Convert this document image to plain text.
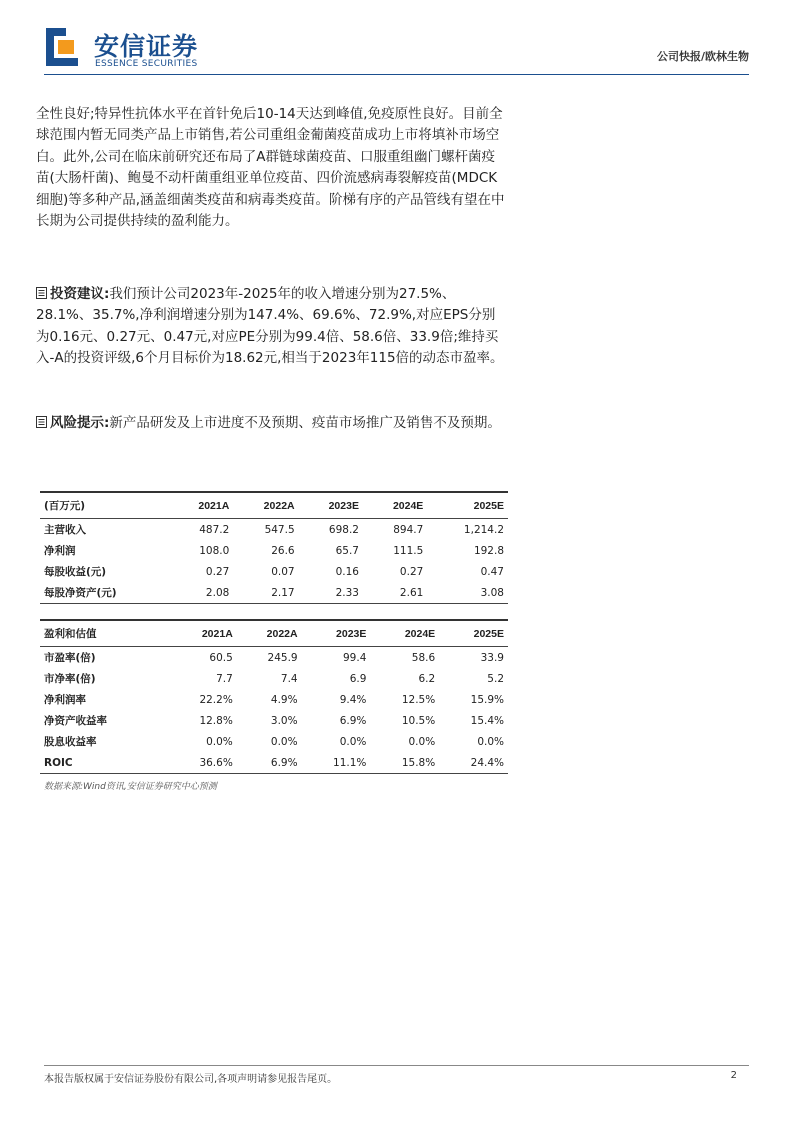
安信证券
ESSENCE SECURITIES
公司快报/欧林生物

全性良好;特异性抗体水平在首针免后10-14天达到峰值,免疫原性良好。目前全球范围内暂无同类产品上市销售,若公司重组金葡菌疫苗成功上市将填补市场空白。此外,公司在临床前研究还布局了A群链球菌疫苗、口服重组幽门螺杆菌疫苗(大肠杆菌)、鲍曼不动杆菌重组亚单位疫苗、四价流感病毒裂解疫苗(MDCK细胞)等多种产品,涵盖细菌类疫苗和病毒类疫苗。阶梯有序的产品管线有望在中长期为公司提供持续的盈利能力。

投资建议:我们预计公司2023年-2025年的收入增速分别为27.5%、28.1%、35.7%,净利润增速分别为147.4%、69.6%、72.9%,对应EPS分别为0.16元、0.27元、0.47元,对应PE分别为99.4倍、58.6倍、33.9倍;维持买入-A的投资评级,6个月目标价为18.62元,相当于2023年115倍的动态市盈率。

风险提示:新产品研发及上市进度不及预期、疫苗市场推广及销售不及预期。

(百万元)	2021A	2022A	2023E	2024E	2025E
主营收入	487.2	547.5	698.2	894.7	1,214.2
净利润	108.0	26.6	65.7	111.5	192.8
每股收益(元)	0.27	0.07	0.16	0.27	0.47
每股净资产(元)	2.08	2.17	2.33	2.61	3.08
盈利和估值	2021A	2022A	2023E	2024E	2025E
市盈率(倍)	60.5	245.9	99.4	58.6	33.9
市净率(倍)	7.7	7.4	6.9	6.2	5.2
净利润率	22.2%	4.9%	9.4%	12.5%	15.9%
净资产收益率	12.8%	3.0%	6.9%	10.5%	15.4%
股息收益率	0.0%	0.0%	0.0%	0.0%	0.0%
ROIC	36.6%	6.9%	11.1%	15.8%	24.4%
数据来源:Wind资讯,安信证券研究中心预测
本报告版权属于安信证券股份有限公司,各项声明请参见报告尾页。	2
